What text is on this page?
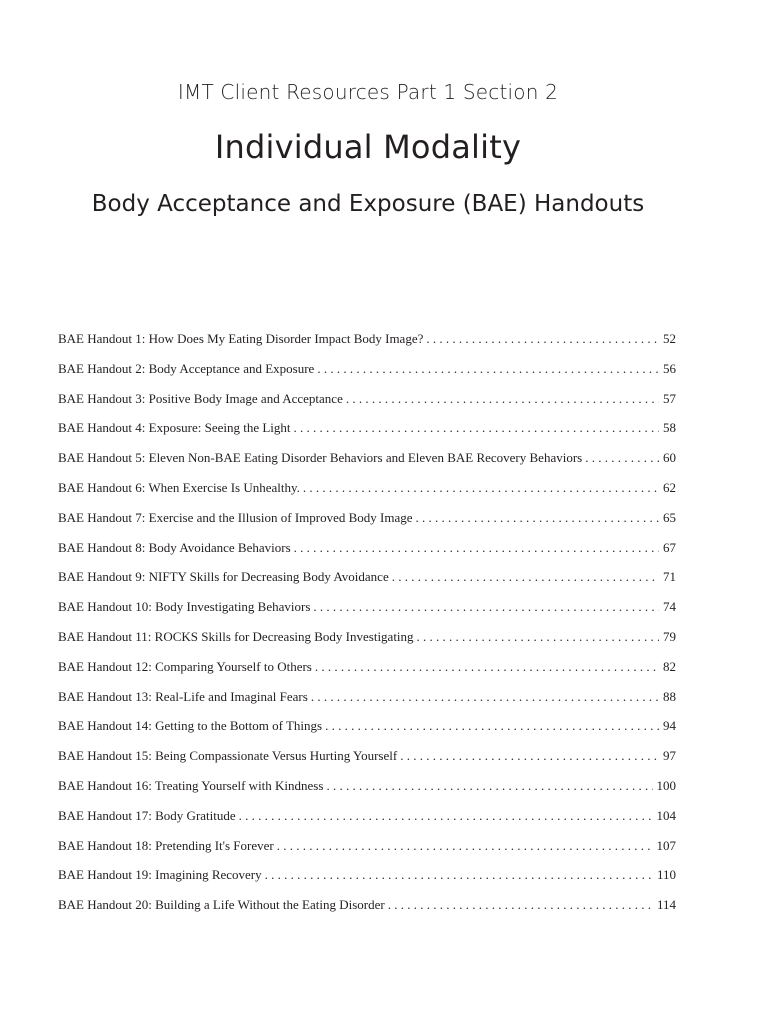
IMT Client Resources Part 1 Section 2
Individual Modality
Body Acceptance and Exposure (BAE) Handouts
BAE Handout 1: How Does My Eating Disorder Impact Body Image? . . .	52
BAE Handout 2: Body Acceptance and Exposure . . .	56
BAE Handout 3: Positive Body Image and Acceptance . . .	57
BAE Handout 4: Exposure: Seeing the Light . . .	58
BAE Handout 5: Eleven Non-BAE Eating Disorder Behaviors and Eleven BAE Recovery Behaviors . . .	60
BAE Handout 6: When Exercise Is Unhealthy. . . .	62
BAE Handout 7: Exercise and the Illusion of Improved Body Image . . .	65
BAE Handout 8: Body Avoidance Behaviors . . .	67
BAE Handout 9: NIFTY Skills for Decreasing Body Avoidance . . .	71
BAE Handout 10: Body Investigating Behaviors . . .	74
BAE Handout 11: ROCKS Skills for Decreasing Body Investigating . . .	79
BAE Handout 12: Comparing Yourself to Others . . .	82
BAE Handout 13: Real-Life and Imaginal Fears . . .	88
BAE Handout 14: Getting to the Bottom of Things . . .	94
BAE Handout 15: Being Compassionate Versus Hurting Yourself . . .	97
BAE Handout 16: Treating Yourself with Kindness . . .	100
BAE Handout 17: Body Gratitude . . .	104
BAE Handout 18: Pretending It's Forever . . .	107
BAE Handout 19: Imagining Recovery . . .	110
BAE Handout 20: Building a Life Without the Eating Disorder . . .	114
